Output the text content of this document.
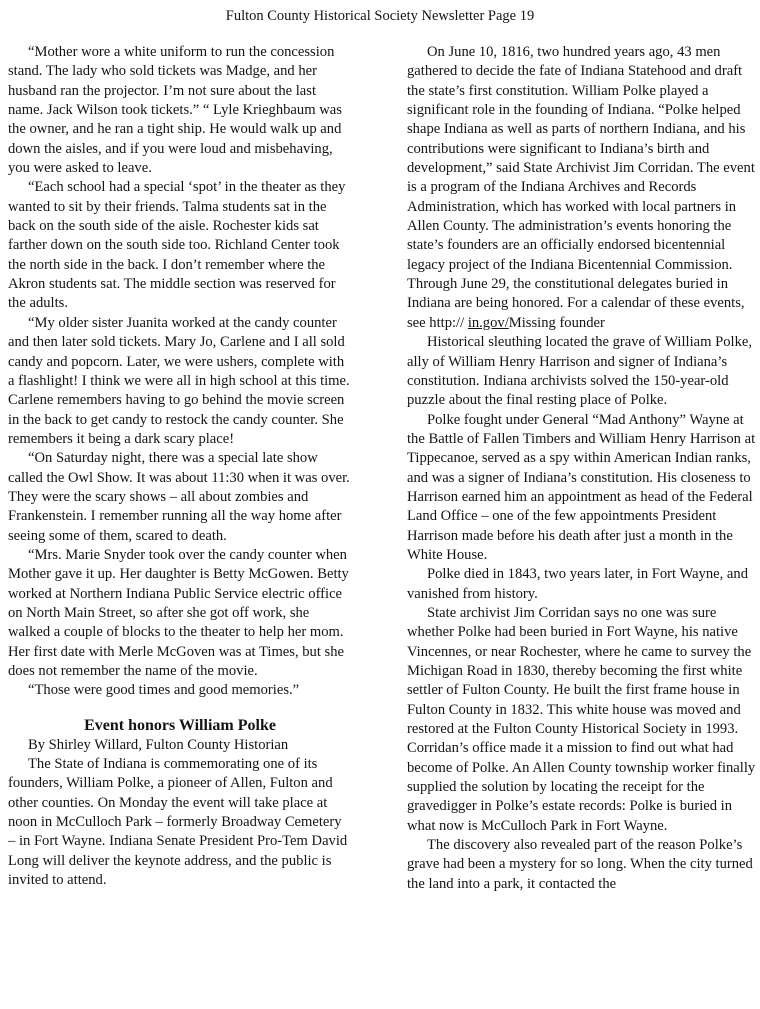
Fulton County Historical Society Newsletter Page 19

“Mother wore a white uniform to run the concession stand. The lady who sold tickets was Madge, and her husband ran the projector. I’m not sure about the last name. Jack Wilson took tickets.” “ Lyle Krieghbaum was the owner, and he ran a tight ship. He would walk up and down the aisles, and if you were loud and misbehaving, you were asked to leave.

“Each school had a special ‘spot’ in the theater as they wanted to sit by their friends. Talma students sat in the back on the south side of the aisle. Rochester kids sat farther down on the south side too. Richland Center took the north side in the back. I don’t remember where the Akron students sat. The middle section was reserved for the adults.

“My older sister Juanita worked at the candy counter and then later sold tickets. Mary Jo, Carlene and I all sold candy and popcorn. Later, we were ushers, complete with a flashlight! I think we were all in high school at this time. Carlene remembers having to go behind the movie screen in the back to get candy to restock the candy counter. She remembers it being a dark scary place!

“On Saturday night, there was a special late show called the Owl Show. It was about 11:30 when it was over. They were the scary shows – all about zombies and Frankenstein. I remember running all the way home after seeing some of them, scared to death.

“Mrs. Marie Snyder took over the candy counter when Mother gave it up. Her daughter is Betty McGowen. Betty worked at Northern Indiana Public Service electric office on North Main Street, so after she got off work, she walked a couple of blocks to the theater to help her mom. Her first date with Merle McGoven was at Times, but she does not remember the name of the movie.

“Those were good times and good memories.”

Event honors William Polke

By Shirley Willard, Fulton County Historian

The State of Indiana is commemorating one of its founders, William Polke, a pioneer of Allen, Fulton and other counties. On Monday the event will take place at noon in McCulloch Park – formerly Broadway Cemetery – in Fort Wayne. Indiana Senate President Pro-Tem David Long will deliver the keynote address, and the public is invited to attend.

On June 10, 1816, two hundred years ago, 43 men gathered to decide the fate of Indiana Statehood and draft the state’s first constitution. William Polke played a significant role in the founding of Indiana. “Polke helped shape Indiana as well as parts of northern Indiana, and his contributions were significant to Indiana’s birth and development,” said State Archivist Jim Corridan. The event is a program of the Indiana Archives and Records Administration, which has worked with local partners in Allen County. The administration’s events honoring the state’s founders are an officially endorsed bicentennial legacy project of the Indiana Bicentennial Commission.

Through June 29, the constitutional delegates buried in Indiana are being honored. For a calendar of these events, see http:// in.gov/Missing founder

Historical sleuthing located the grave of William Polke, ally of William Henry Harrison and signer of Indiana’s constitution. Indiana archivists solved the 150-year-old puzzle about the final resting place of Polke.

Polke fought under General “Mad Anthony” Wayne at the Battle of Fallen Timbers and William Henry Harrison at Tippecanoe, served as a spy within American Indian ranks, and was a signer of Indiana’s constitution. His closeness to Harrison earned him an appointment as head of the Federal Land Office – one of the few appointments President Harrison made before his death after just a month in the White House.

Polke died in 1843, two years later, in Fort Wayne, and vanished from history.

State archivist Jim Corridan says no one was sure whether Polke had been buried in Fort Wayne, his native Vincennes, or near Rochester, where he came to survey the Michigan Road in 1830, thereby becoming the first white settler of Fulton County. He built the first frame house in Fulton County in 1832. This white house was moved and restored at the Fulton County Historical Society in 1993. Corridan’s office made it a mission to find out what had become of Polke. An Allen County township worker finally supplied the solution by locating the receipt for the gravedigger in Polke’s estate records: Polke is buried in what now is McCulloch Park in Fort Wayne.

The discovery also revealed part of the reason Polke’s grave had been a mystery for so long. When the city turned the land into a park, it contacted the
